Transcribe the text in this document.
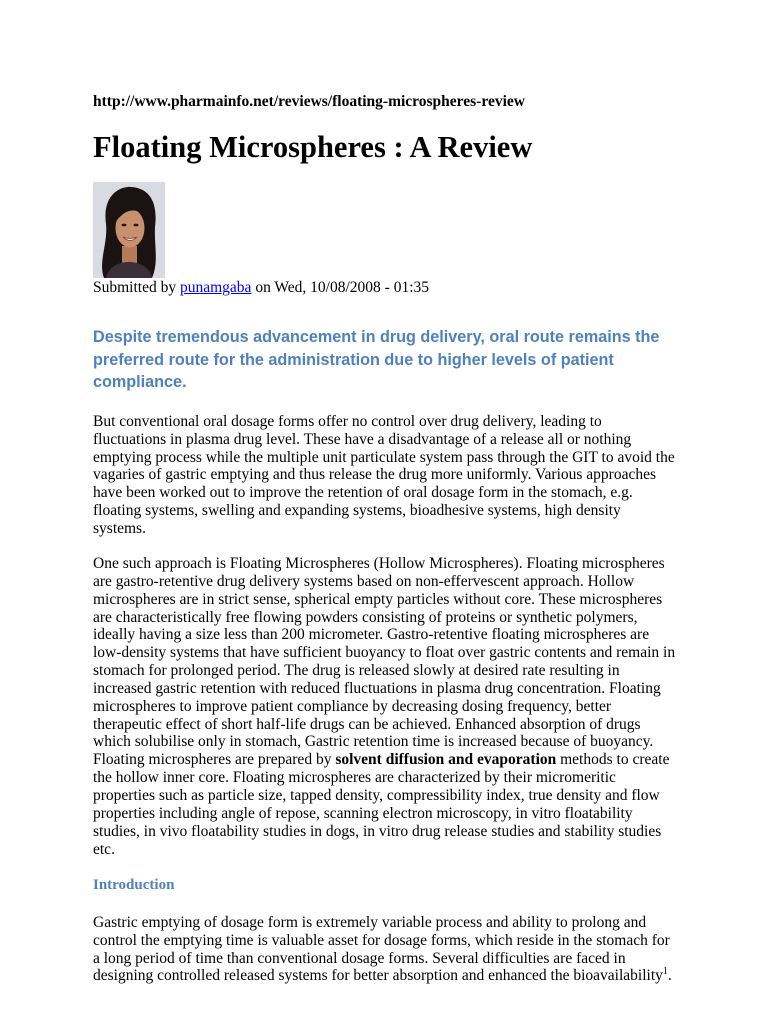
http://www.pharmainfo.net/reviews/floating-microspheres-review
Floating Microspheres : A Review
Submitted by punamgaba on Wed, 10/08/2008 - 01:35
Despite tremendous advancement in drug delivery, oral route remains the
preferred route for the administration due to higher levels of patient
compliance.
But conventional oral dosage forms offer no control over drug delivery, leading to
fluctuations in plasma drug level. These have a disadvantage of a release all or nothing
emptying process while the multiple unit particulate system pass through the GIT to avoid the
vagaries of gastric emptying and thus release the drug more uniformly. Various approaches
have been worked out to improve the retention of oral dosage form in the stomach, e.g.
floating systems, swelling and expanding systems, bioadhesive systems, high density
systems.
One such approach is Floating Microspheres (Hollow Microspheres). Floating microspheres
are gastro-retentive drug delivery systems based on non-effervescent approach. Hollow
microspheres are in strict sense, spherical empty particles without core. These microspheres
are characteristically free flowing powders consisting of proteins or synthetic polymers,
ideally having a size less than 200 micrometer. Gastro-retentive floating microspheres are
low-density systems that have sufficient buoyancy to float over gastric contents and remain in
stomach for prolonged period. The drug is released slowly at desired rate resulting in
increased gastric retention with reduced fluctuations in plasma drug concentration. Floating
microspheres to improve patient compliance by decreasing dosing frequency, better
therapeutic effect of short half-life drugs can be achieved. Enhanced absorption of drugs
which solubilise only in stomach, Gastric retention time is increased because of buoyancy.
Floating microspheres are prepared by solvent diffusion and evaporation methods to create
the hollow inner core. Floating microspheres are characterized by their micromeritic
properties such as particle size, tapped density, compressibility index, true density and flow
properties including angle of repose, scanning electron microscopy, in vitro floatability
studies, in vivo floatability studies in dogs, in vitro drug release studies and stability studies
etc.
Introduction
Gastric emptying of dosage form is extremely variable process and ability to prolong and
control the emptying time is valuable asset for dosage forms, which reside in the stomach for
a long period of time than conventional dosage forms. Several difficulties are faced in
designing controlled released systems for better absorption and enhanced the bioavailability$^1$.
